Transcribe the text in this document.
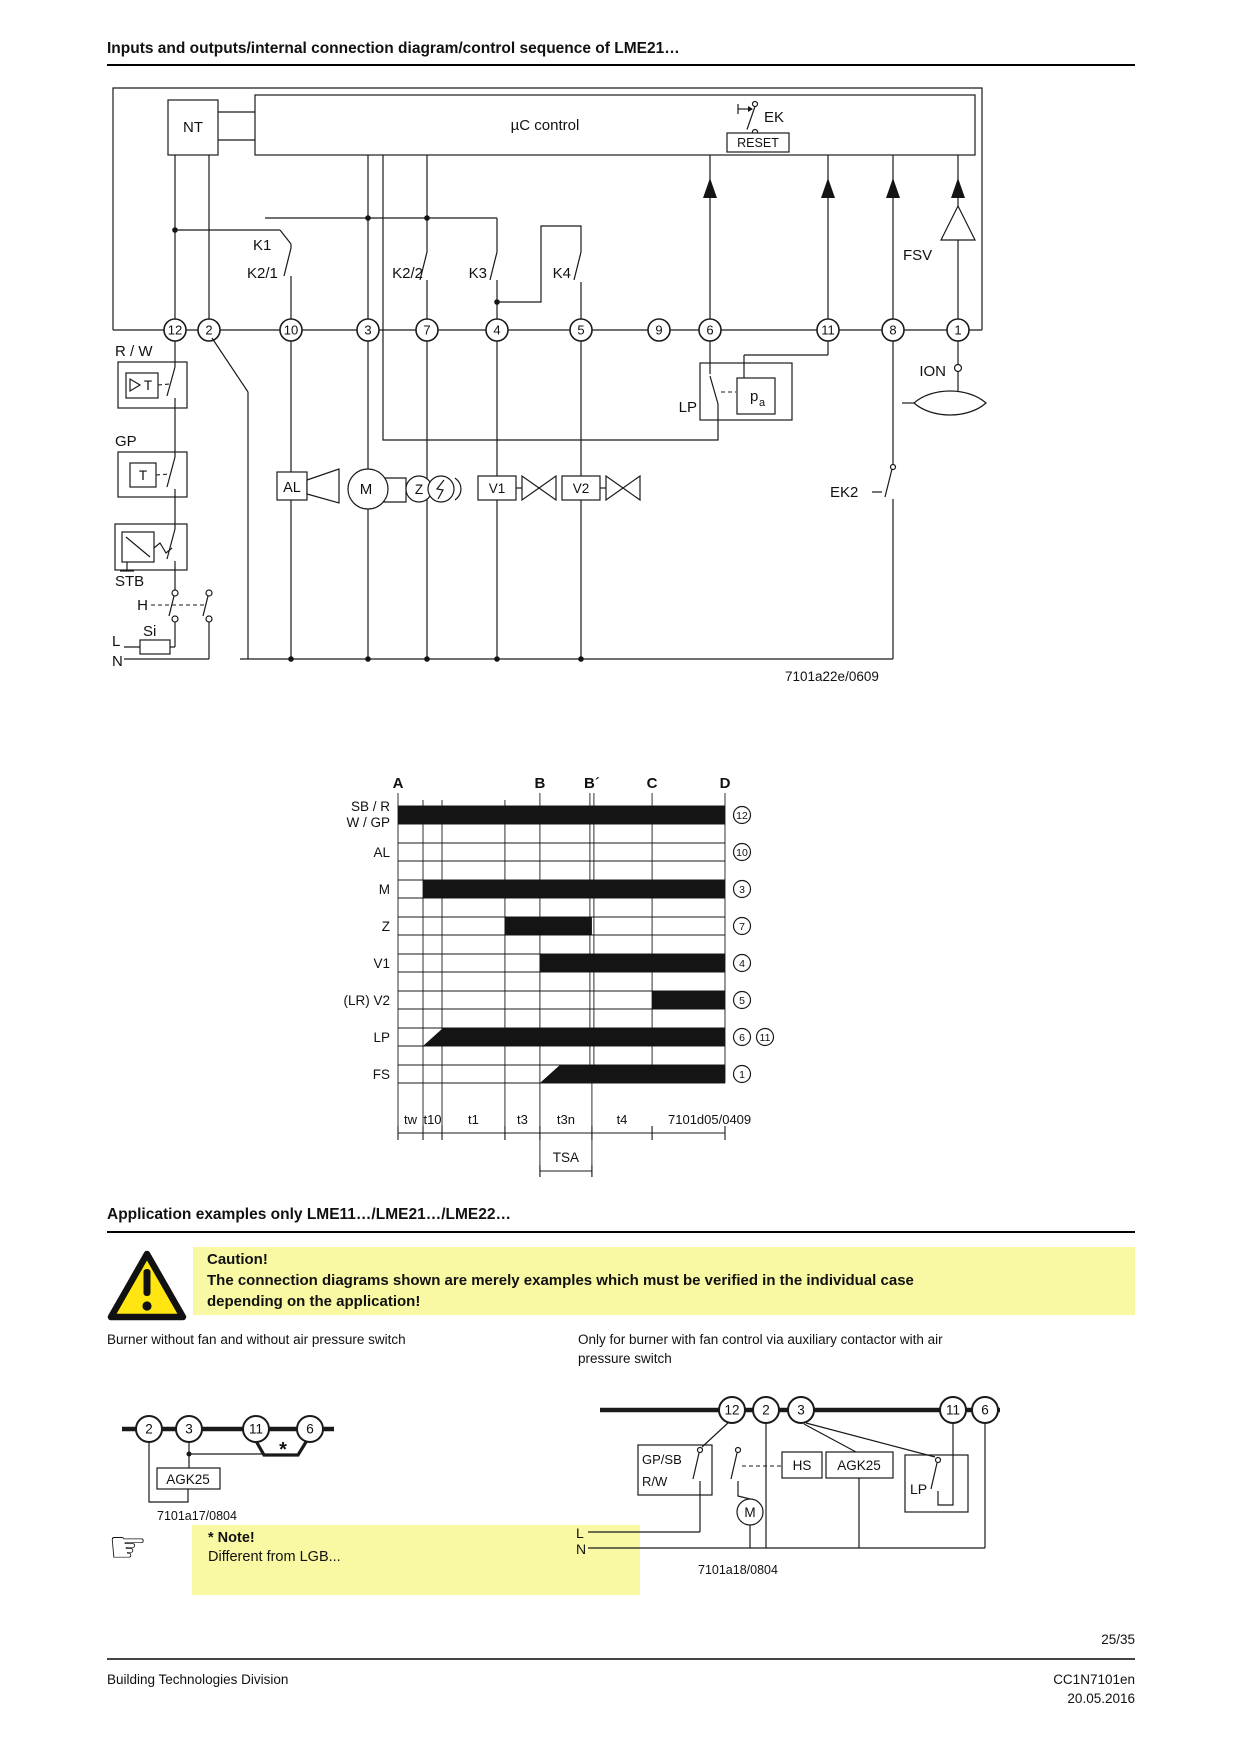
Inputs and outputs/internal connection diagram/control sequence of LME21…
Application examples only LME11…/LME21…/LME22…
Caution!
The connection diagrams shown are merely examples which must be verified in the individual case
depending on the application!
Burner without fan and without air pressure switch	Only for burner with fan control via auxiliary contactor with air
pressure switch
☞	* Note!
Different from LGB...
25/35
Building Technologies Division	CC1N7101en
20.05.2016
NT	µC control	EK
RESET
K1
K2/1	K2/2	K3	K4
12 2	10	3	7	4	5	9	6	11	8	1
R / W
T
GP
T
STB
H
Si
L
N
AL	M	Z	V1	V2
LP
p a
EK2
FSV
ION
7101a22e/0609
A	B	B´	C	D
SB / R
W / GP	12
AL	10
M	3
Z	7
V1	4
(LR) V2	5
LP	6 11
FS	1
tw t10 t1	t3 t3n	t4
TSA
7101d05/0409
2 3	11	6
AGK25
*
7101a17/0804
12 2 3	11 6
GP/SB
R/W
HS AGK25
LP
M
L
N
7101a18/0804
